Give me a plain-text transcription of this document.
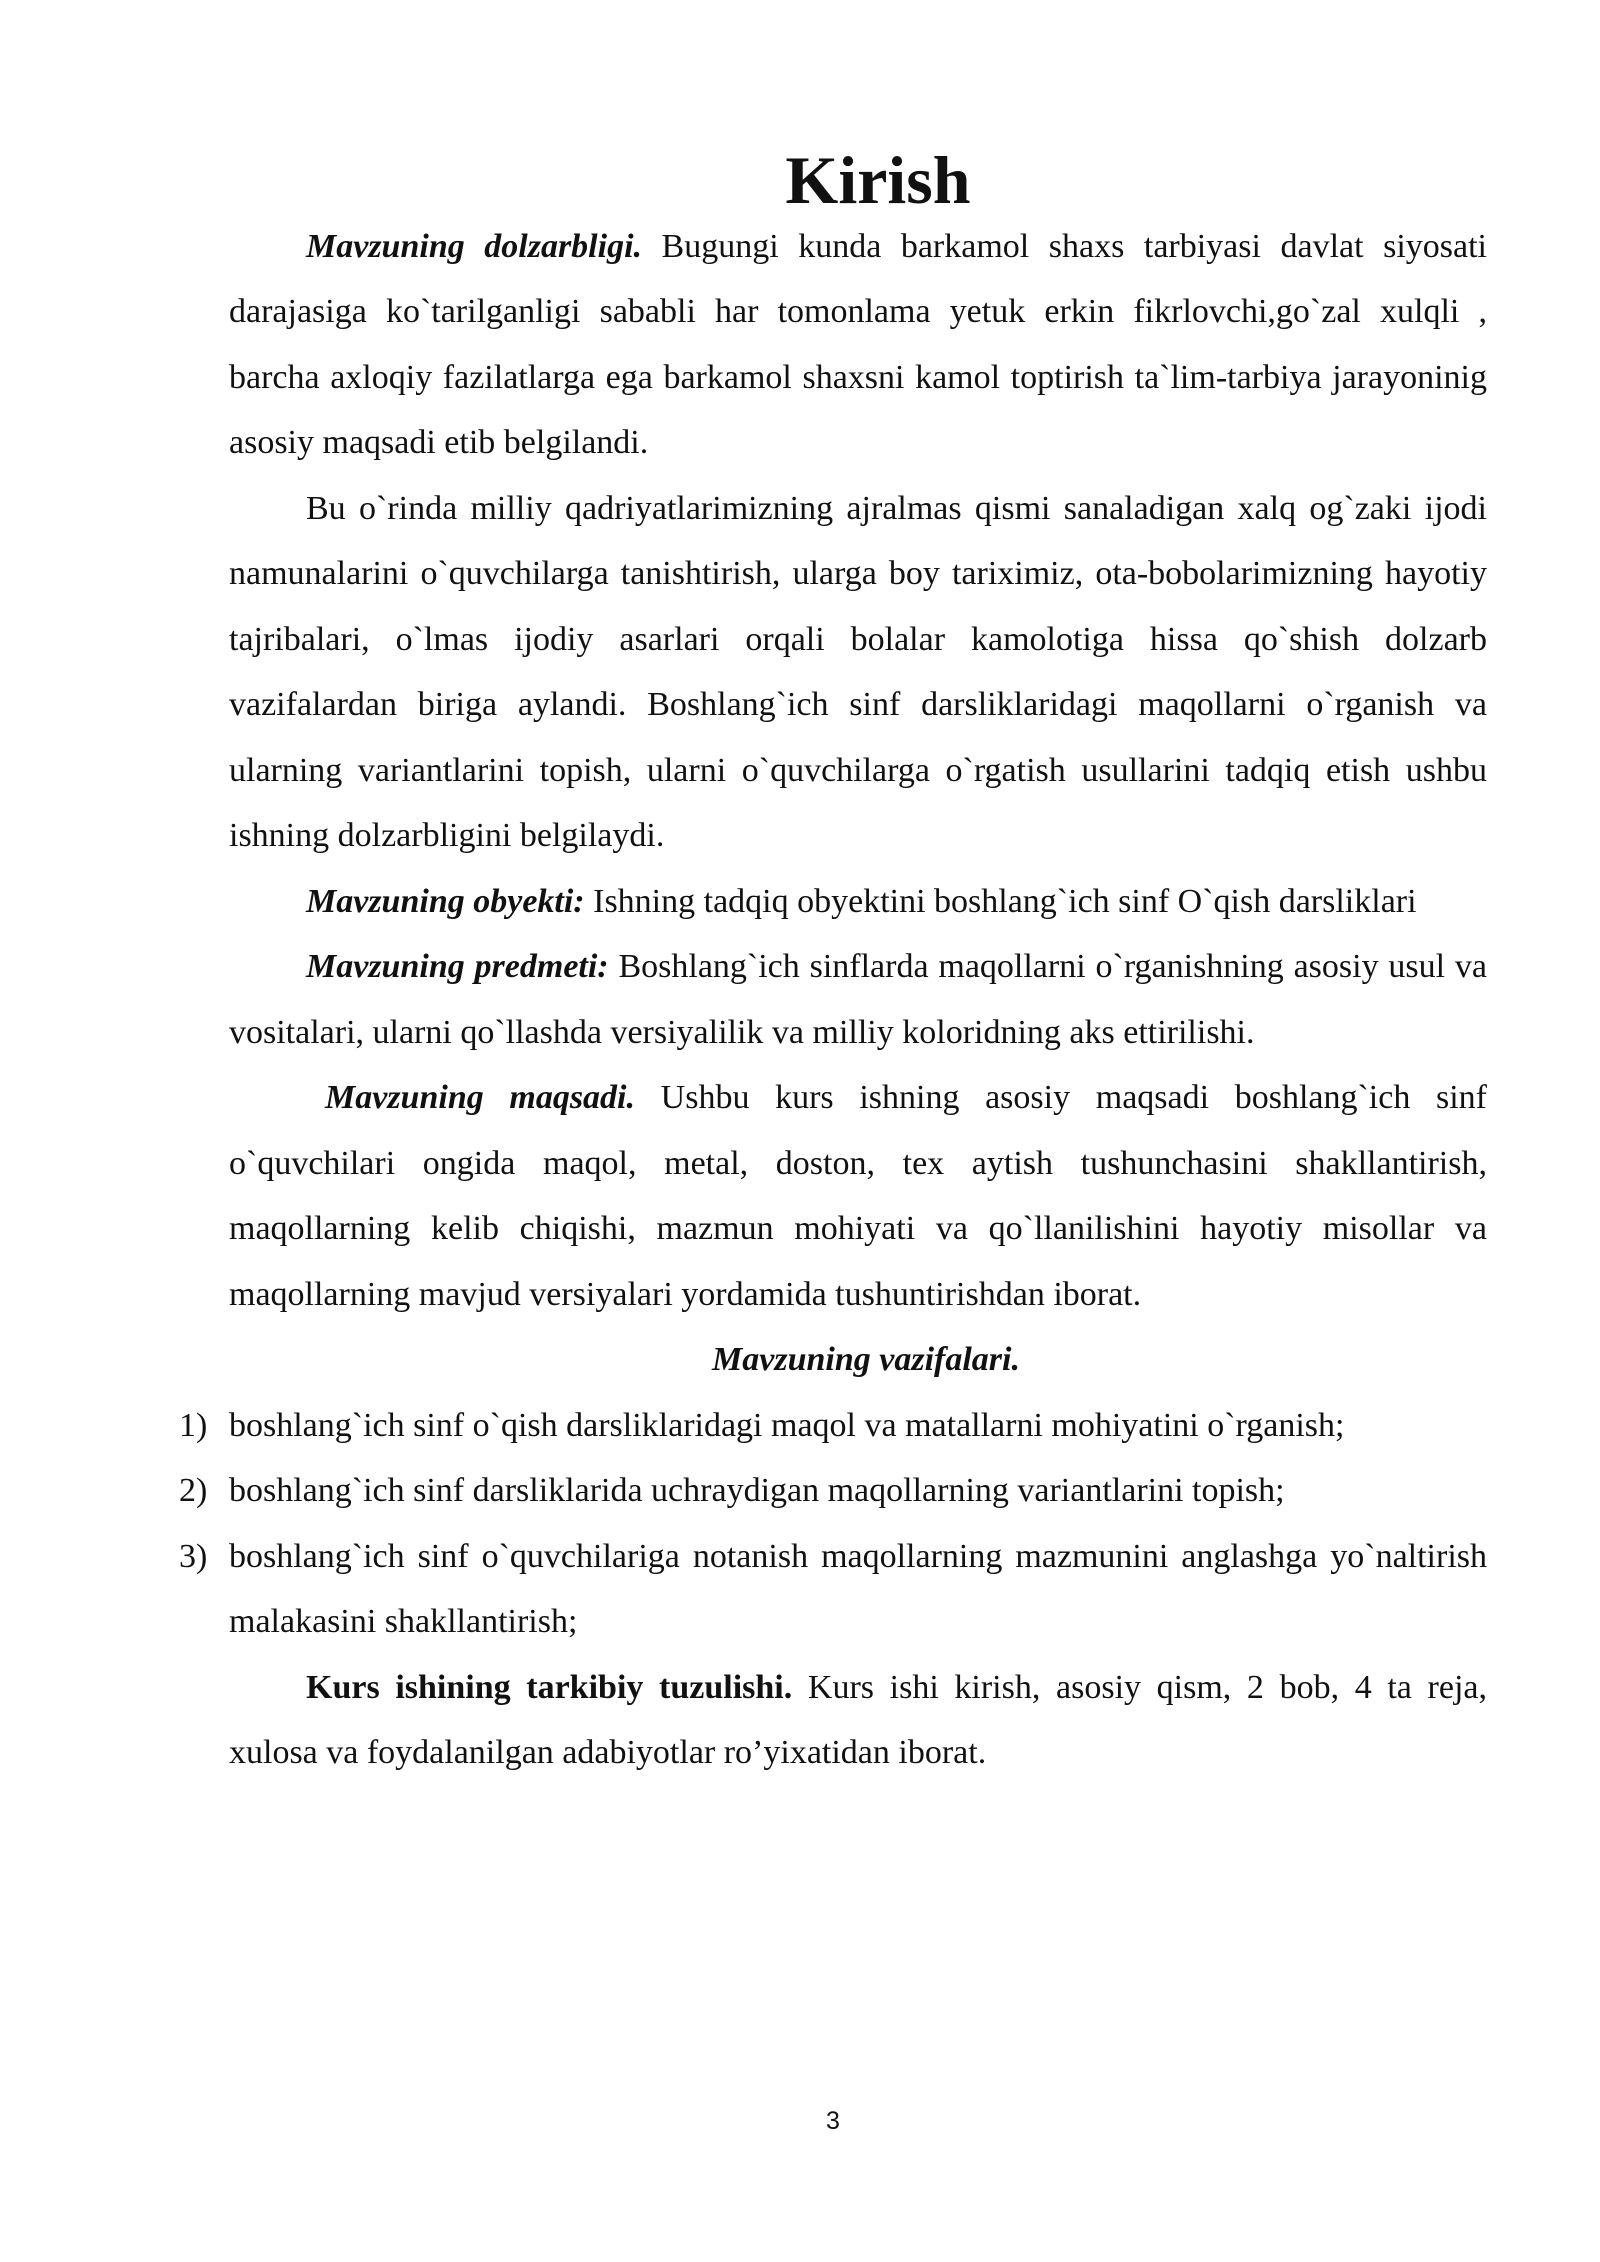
Kirish

Mavzuning dolzarbligi. Bugungi kunda barkamol shaxs tarbiyasi davlat siyosati darajasiga ko`tarilganligi sababli har tomonlama yetuk erkin fikrlovchi,go`zal xulqli , barcha axloqiy fazilatlarga ega barkamol shaxsni kamol toptirish ta`lim-tarbiya jarayoninig asosiy maqsadi etib belgilandi.

Bu o`rinda milliy qadriyatlarimizning ajralmas qismi sanaladigan xalq og`zaki ijodi namunalarini o`quvchilarga tanishtirish, ularga boy tariximiz, ota-bobolarimizning hayotiy tajribalari, o`lmas ijodiy asarlari orqali bolalar kamolotiga hissa qo`shish dolzarb vazifalardan biriga aylandi. Boshlang`ich sinf darsliklaridagi maqollarni o`rganish va ularning variantlarini topish, ularni o`quvchilarga o`rgatish usullarini tadqiq etish ushbu ishning dolzarbligini belgilaydi.

Mavzuning obyekti: Ishning tadqiq obyektini boshlang`ich sinf O`qish darsliklari

Mavzuning predmeti: Boshlang`ich sinflarda maqollarni o`rganishning asosiy usul va vositalari, ularni qo`llashda versiyalilik va milliy koloridning aks ettirilishi.

Mavzuning maqsadi. Ushbu kurs ishning asosiy maqsadi boshlang`ich sinf o`quvchilari ongida maqol, metal, doston, tex aytish tushunchasini shakllantirish, maqollarning kelib chiqishi, mazmun mohiyati va qo`llanilishini hayotiy misollar va maqollarning mavjud versiyalari yordamida tushuntirishdan iborat.

Mavzuning vazifalari.
1) boshlang`ich sinf o`qish darsliklaridagi maqol va matallarni mohiyatini o`rganish;
2) boshlang`ich sinf darsliklarida uchraydigan maqollarning variantlarini topish;
3) boshlang`ich sinf o`quvchilariga notanish maqollarning mazmunini anglashga yo`naltirish malakasini shakllantirish;

Kurs ishining tarkibiy tuzulishi. Kurs ishi kirish, asosiy qism, 2 bob, 4 ta reja, xulosa va foydalanilgan adabiyotlar ro’yixatidan iborat.

3
